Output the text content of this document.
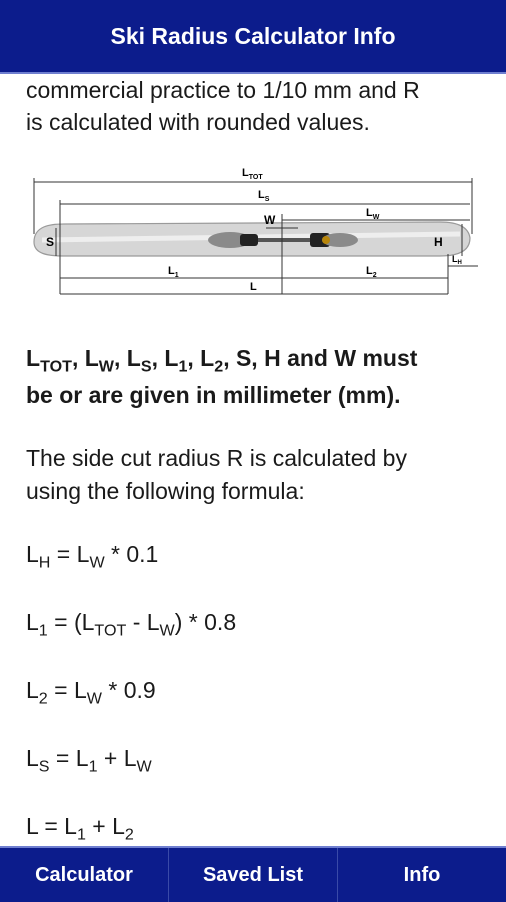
Ski Radius Calculator Info

commercial practice to 1/10 mm and R

is calculated with rounded values.

$L_{TOT}$
$L_S$
W	$L_W$
S	H
$L_1$	$L_2$
$L_H$
L

$L_{TOT}$, $L_W$, $L_S$, $L_1$, $L_2$, S, H and W must

be or are given in millimeter (mm).

The side cut radius R is calculated by

using the following formula:

$L_H = L_W * 0.1$

$L_1 = (L_{TOT} - L_W) * 0.8$

$L_2 = L_W * 0.9$

$L_S = L_1 + L_W$

$L = L_1 + L_2$

Calculator	Saved List	Info
